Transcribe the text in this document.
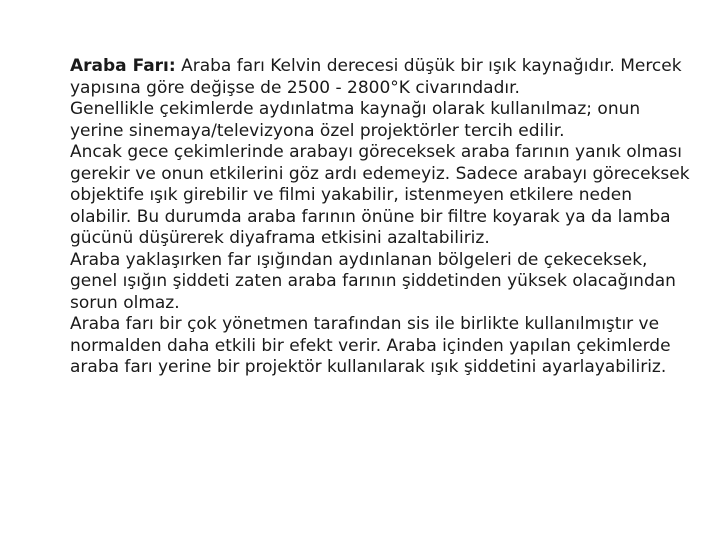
Araba Farı: Araba farı Kelvin derecesi düşük bir ışık kaynağıdır. Mercek yapısına göre değişse de 2500 - 2800°K civarındadır.

Genellikle çekimlerde aydınlatma kaynağı olarak kullanılmaz; onun yerine sinemaya/televizyona özel projektörler tercih edilir.

Ancak gece çekimlerinde arabayı göreceksek araba farının yanık olması gerekir ve onun etkilerini göz ardı edemeyiz. Sadece arabayı göreceksek objektife ışık girebilir ve filmi yakabilir, istenmeyen etkilere neden olabilir. Bu durumda araba farının önüne bir filtre koyarak ya da lamba gücünü düşürerek diyaframa etkisini azaltabiliriz.

Araba yaklaşırken far ışığından aydınlanan bölgeleri de çekeceksek, genel ışığın şiddeti zaten araba farının şiddetinden yüksek olacağından sorun olmaz.

Araba farı bir çok yönetmen tarafından sis ile birlikte kullanılmıştır ve normalden daha etkili bir efekt verir. Araba içinden yapılan çekimlerde araba farı yerine bir projektör kullanılarak ışık şiddetini ayarlayabiliriz.
